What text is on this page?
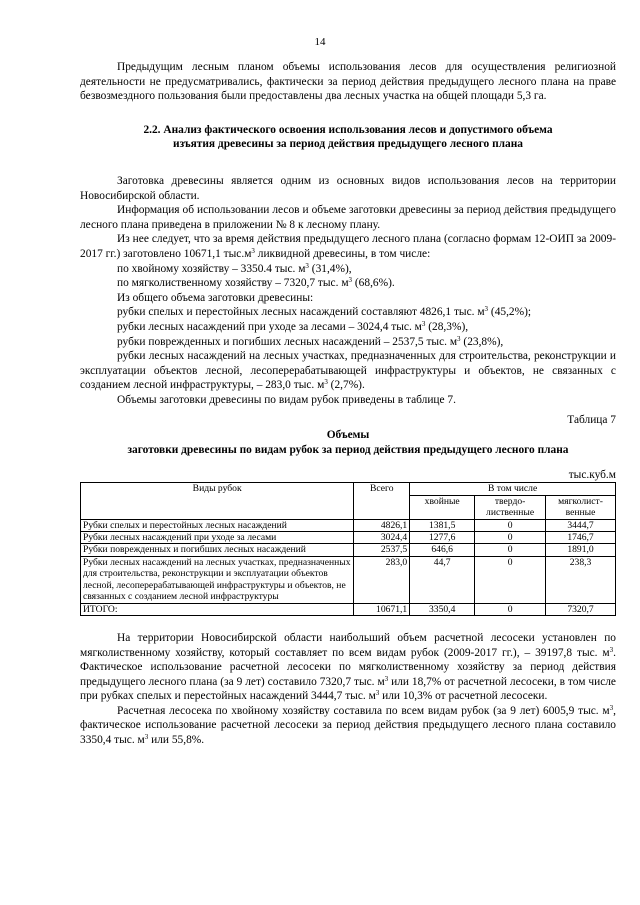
14

Предыдущим лесным планом объемы использования лесов для осуществления религиозной деятельности не предусматривались, фактически за период действия предыдущего лесного плана на праве безвозмездного пользования были предоставлены два лесных участка на общей площади 5,3 га.

2.2. Анализ фактического освоения использования лесов и допустимого объема
изъятия древесины за период действия предыдущего лесного плана

Заготовка древесины является одним из основных видов использования лесов на территории Новосибирской области.

Информация об использовании лесов и объеме заготовки древесины за период действия предыдущего лесного плана приведена в приложении № 8 к лесному плану.

Из нее следует, что за время действия предыдущего лесного плана (согласно формам 12-ОИП за 2009-2017 гг.) заготовлено 10671,1 $тыс.м^3$ ликвидной древесины, в том числе:

по хвойному хозяйству – 3350.4 тыс. $м^3$ (31,4%),

по мягколиственному хозяйству – 7320,7 тыс. $м^3$ (68,6%).

Из общего объема заготовки древесины:

рубки спелых и перестойных лесных насаждений составляют 4826,1 тыс. $м^3$ (45,2%);

рубки лесных насаждений при уходе за лесами – 3024,4 тыс. $м^3$ (28,3%),

рубки поврежденных и погибших лесных насаждений – 2537,5 тыс. $м^3$ (23,8%),

рубки лесных насаждений на лесных участках, предназначенных для строительства, реконструкции и эксплуатации объектов лесной, лесоперерабатывающей инфраструктуры и объектов, не связанных с созданием лесной инфраструктуры, – 283,0 тыс. $м^3$ (2,7%).

Объемы заготовки древесины по видам рубок приведены в таблице 7.

Таблица 7
Объемы
заготовки древесины по видам рубок за период действия предыдущего лесного плана
тыс.куб.м
Виды рубок	Всего	В том числе		
		хвойные	твердо-лиственные	мягколист-венные
Рубки спелых и перестойных лесных насаждений	4826,1	1381,5	0	3444,7
Рубки лесных насаждений при уходе за лесами	3024,4	1277,6	0	1746,7
Рубки поврежденных и погибших лесных насаждений	2537,5	646,6	0	1891,0
Рубки лесных насаждений на лесных участках, предназначенных для строительства, реконструкции и эксплуатации объектов лесной, лесоперерабатывающей инфраструктуры и объектов, не связанных с созданием лесной инфраструктуры	283,0	44,7	0	238,3
ИТОГО:	10671,1	3350,4	0	7320,7

На территории Новосибирской области наибольший объем расчетной лесосеки установлен по мягколиственному хозяйству, который составляет по всем видам рубок (2009-2017 гг.), – 39197,8 тыс. $м^3$. Фактическое использование расчетной лесосеки по мягколиственному хозяйству за период действия предыдущего лесного плана (за 9 лет) составило 7320,7 тыс. $м^3$ или 18,7% от расчетной лесосеки, в том числе при рубках спелых и перестойных насаждений 3444,7 тыс. $м^3$ или 10,3% от расчетной лесосеки.

Расчетная лесосека по хвойному хозяйству составила по всем видам рубок (за 9 лет) 6005,9 тыс. $м^3$, фактическое использование расчетной лесосеки за период действия предыдущего лесного плана составило 3350,4 тыс. $м^3$ или 55,8%.
